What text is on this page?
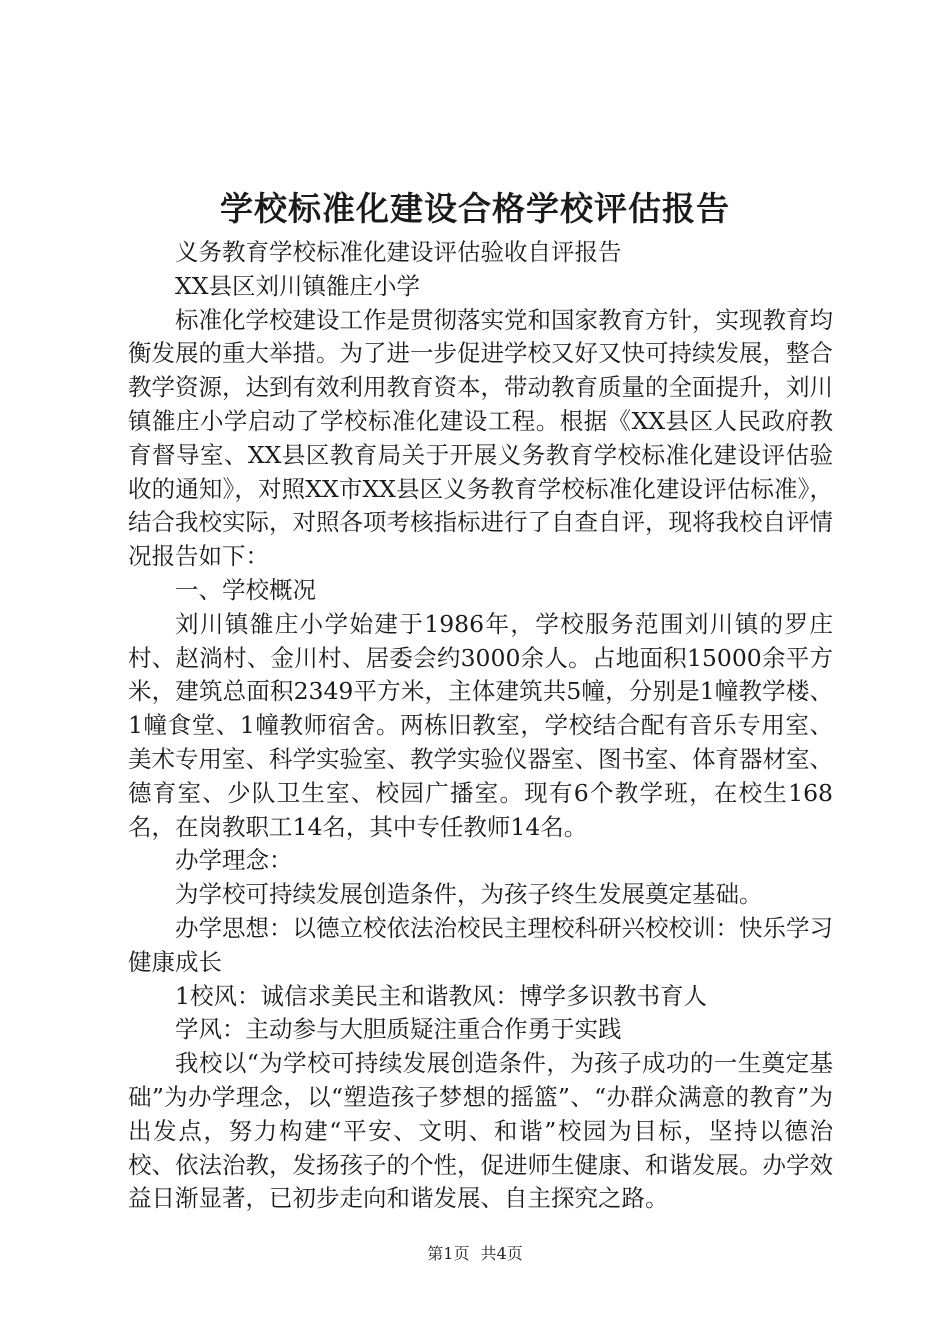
学校标准化建设合格学校评估报告

义务教育学校标准化建设评估验收自评报告

XX县区刘川镇雒庄小学

标准化学校建设工作是贯彻落实党和国家教育方针，实现教育均衡发展的重大举措。为了进一步促进学校又好又快可持续发展，整合教学资源，达到有效利用教育资本，带动教育质量的全面提升，刘川镇雒庄小学启动了学校标准化建设工程。根据《XX县区人民政府教育督导室、XX县区教育局关于开展义务教育学校标准化建设评估验收的通知》，对照XX市XX县区义务教育学校标准化建设评估标准》，结合我校实际，对照各项考核指标进行了自查自评，现将我校自评情况报告如下：

一、学校概况

刘川镇雒庄小学始建于1986年，学校服务范围刘川镇的罗庄村、赵淌村、金川村、居委会约3000余人。占地面积15000余平方米，建筑总面积2349平方米，主体建筑共5幢，分别是1幢教学楼、1幢食堂、1幢教师宿舍。两栋旧教室，学校结合配有音乐专用室、美术专用室、科学实验室、教学实验仪器室、图书室、体育器材室、德育室、少队卫生室、校园广播室。现有6个教学班，在校生168名，在岗教职工14名，其中专任教师14名。

办学理念：

为学校可持续发展创造条件，为孩子终生发展奠定基础。

办学思想：以德立校依法治校民主理校科研兴校校训：快乐学习健康成长

1校风：诚信求美民主和谐教风：博学多识教书育人

学风：主动参与大胆质疑注重合作勇于实践

我校以“为学校可持续发展创造条件，为孩子成功的一生奠定基础”为办学理念，以“塑造孩子梦想的摇篮”、“办群众满意的教育”为出发点，努力构建“平安、文明、和谐”校园为目标，坚持以德治校、依法治教，发扬孩子的个性，促进师生健康、和谐发展。办学效益日渐显著，已初步走向和谐发展、自主探究之路。

第1页 共4页
